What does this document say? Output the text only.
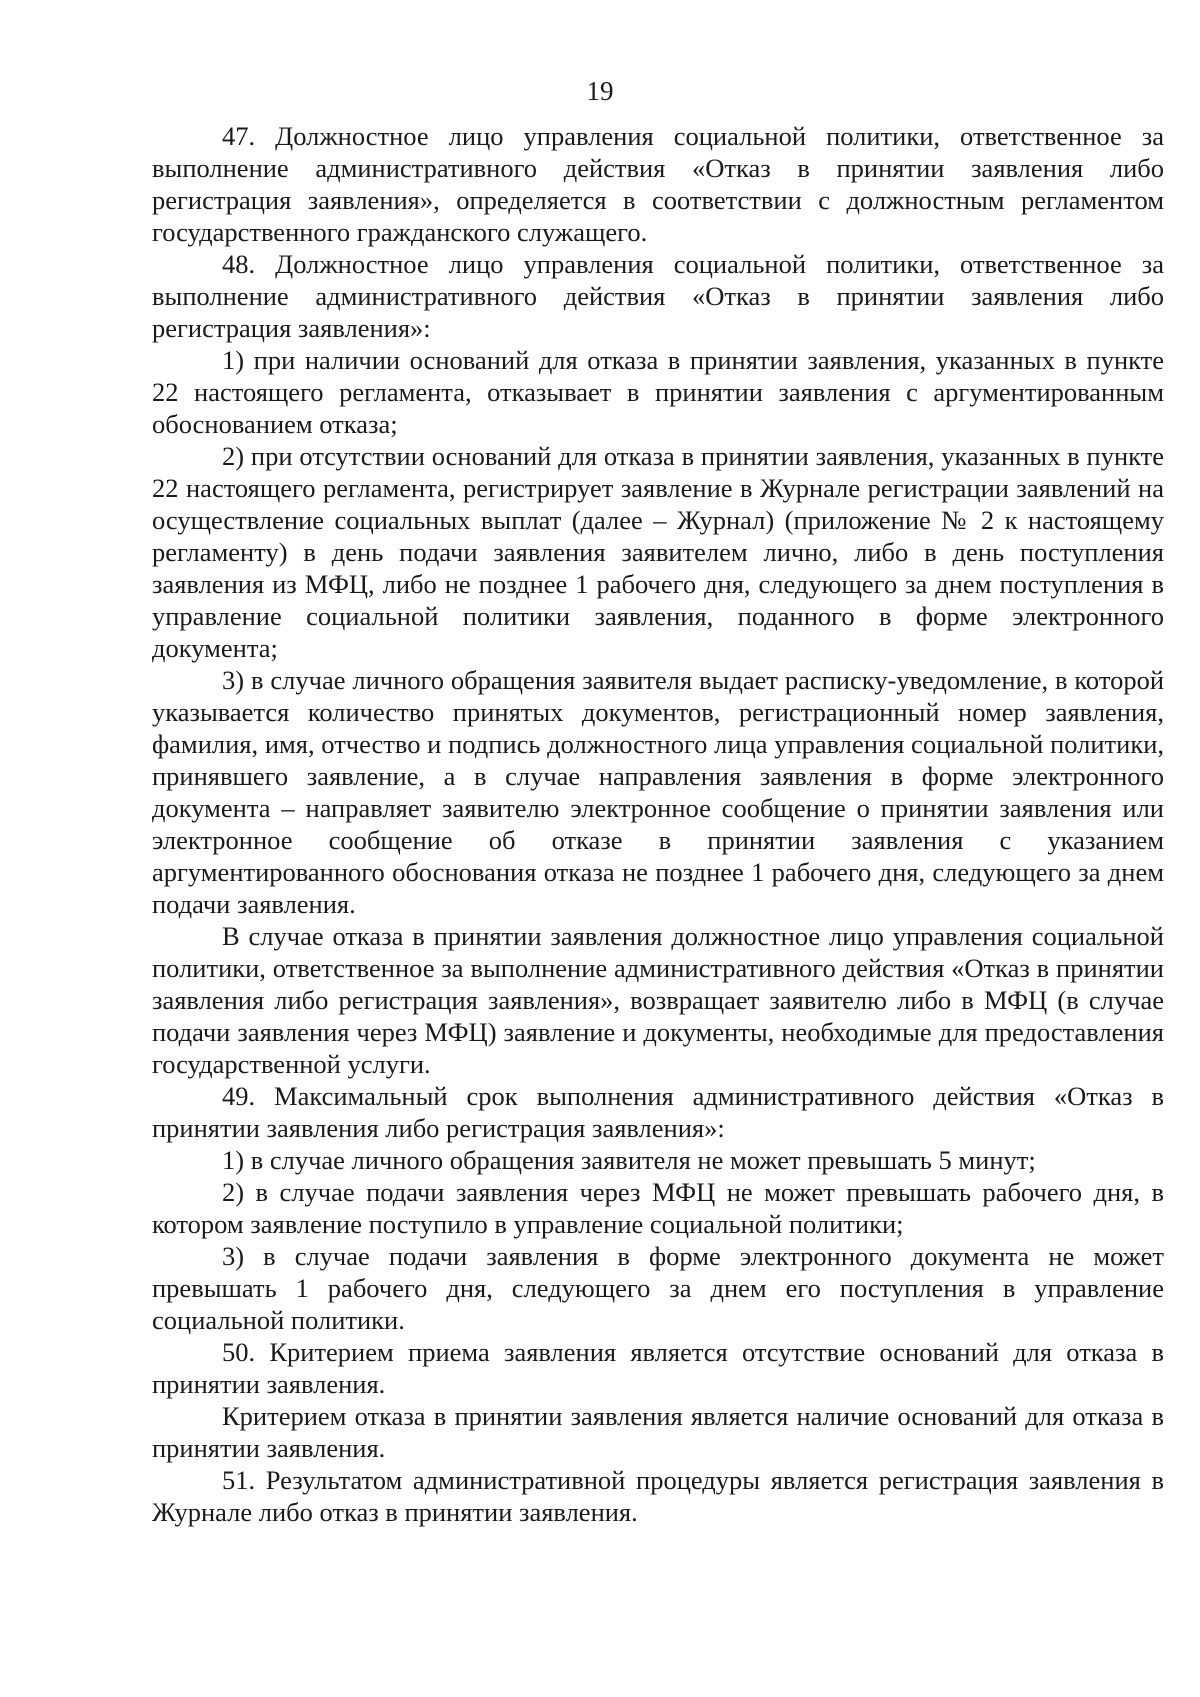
19

47. Должностное лицо управления социальной политики, ответственное за выполнение административного действия «Отказ в принятии заявления либо регистрация заявления», определяется в соответствии с должностным регламентом государственного гражданского служащего.

48. Должностное лицо управления социальной политики, ответственное за выполнение административного действия «Отказ в принятии заявления либо регистрация заявления»:

1) при наличии оснований для отказа в принятии заявления, указанных в пункте 22 настоящего регламента, отказывает в принятии заявления с аргументированным обоснованием отказа;

2) при отсутствии оснований для отказа в принятии заявления, указанных в пункте 22 настоящего регламента, регистрирует заявление в Журнале регистрации заявлений на осуществление социальных выплат (далее – Журнал) (приложение № 2 к настоящему регламенту) в день подачи заявления заявителем лично, либо в день поступления заявления из МФЦ, либо не позднее 1 рабочего дня, следующего за днем поступления в управление социальной политики заявления, поданного в форме электронного документа;

3) в случае личного обращения заявителя выдает расписку-уведомление, в которой указывается количество принятых документов, регистрационный номер заявления, фамилия, имя, отчество и подпись должностного лица управления социальной политики, принявшего заявление, а в случае направления заявления в форме электронного документа – направляет заявителю электронное сообщение о принятии заявления или электронное сообщение об отказе в принятии заявления с указанием аргументированного обоснования отказа не позднее 1 рабочего дня, следующего за днем подачи заявления.

В случае отказа в принятии заявления должностное лицо управления социальной политики, ответственное за выполнение административного действия «Отказ в принятии заявления либо регистрация заявления», возвращает заявителю либо в МФЦ (в случае подачи заявления через МФЦ) заявление и документы, необходимые для предоставления государственной услуги.

49. Максимальный срок выполнения административного действия «Отказ в принятии заявления либо регистрация заявления»:

1) в случае личного обращения заявителя не может превышать 5 минут;

2) в случае подачи заявления через МФЦ не может превышать рабочего дня, в котором заявление поступило в управление социальной политики;

3) в случае подачи заявления в форме электронного документа не может превышать 1 рабочего дня, следующего за днем его поступления в управление социальной политики.

50. Критерием приема заявления является отсутствие оснований для отказа в принятии заявления.

Критерием отказа в принятии заявления является наличие оснований для отказа в принятии заявления.

51. Результатом административной процедуры является регистрация заявления в Журнале либо отказ в принятии заявления.
